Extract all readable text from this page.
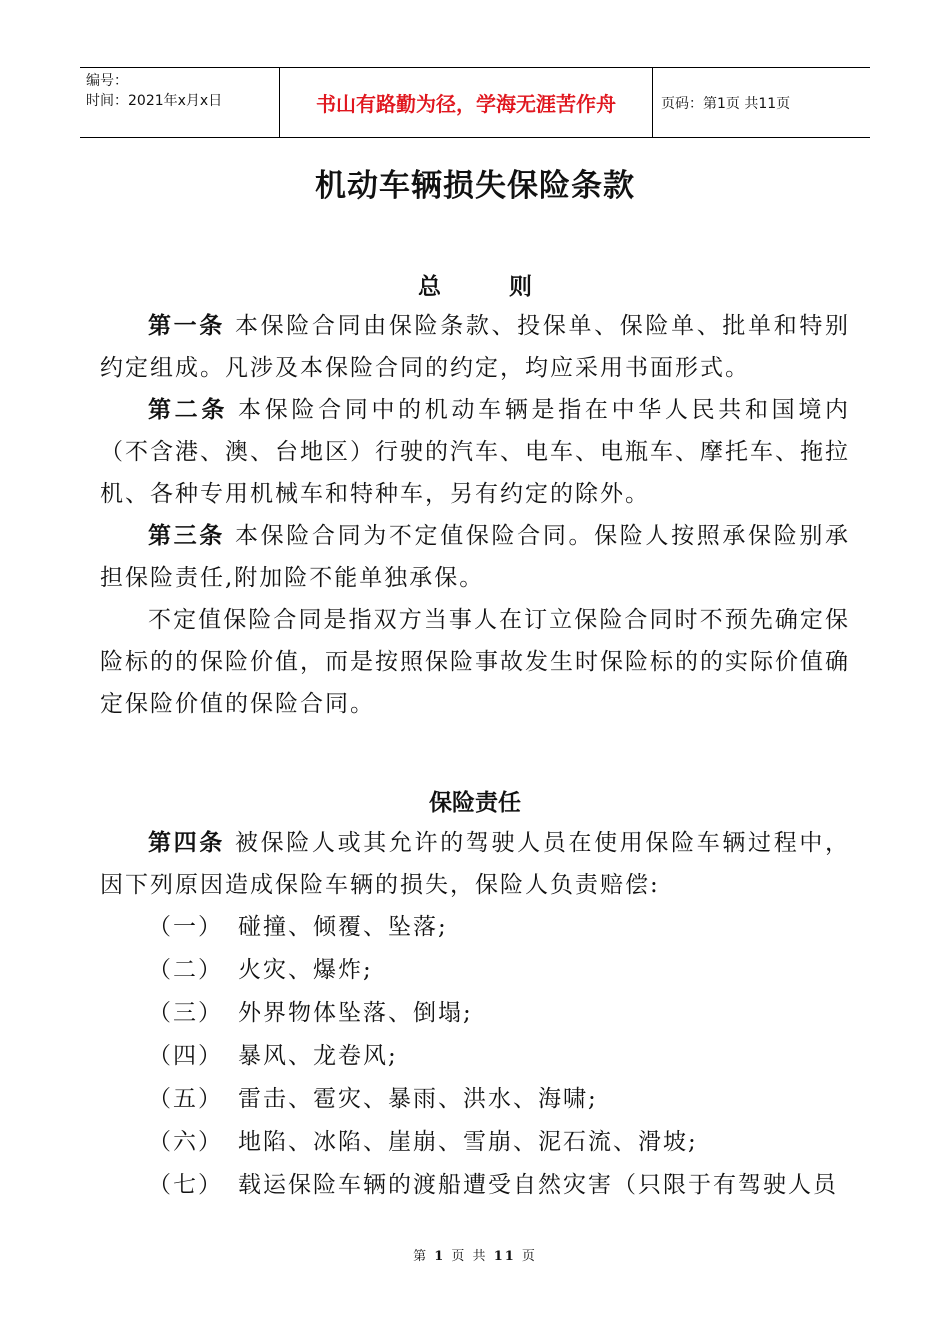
编号：
时间：2021年x月x日	书山有路勤为径，学海无涯苦作舟	页码：第1页 共11页
机动车辆损失保险条款
总 则

第一条 本保险合同由保险条款、投保单、保险单、批单和特别约定组成。凡涉及本保险合同的约定，均应采用书面形式。

第二条 本保险合同中的机动车辆是指在中华人民共和国境内（不含港、澳、台地区）行驶的汽车、电车、电瓶车、摩托车、拖拉机、各种专用机械车和特种车，另有约定的除外。

第三条 本保险合同为不定值保险合同。保险人按照承保险别承担保险责任,附加险不能单独承保。

不定值保险合同是指双方当事人在订立保险合同时不预先确定保险标的的保险价值，而是按照保险事故发生时保险标的的实际价值确定保险价值的保险合同。

保险责任

第四条 被保险人或其允许的驾驶人员在使用保险车辆过程中，因下列原因造成保险车辆的损失，保险人负责赔偿:

（一） 碰撞、倾覆、坠落;

（二） 火灾、爆炸;

（三） 外界物体坠落、倒塌;

（四） 暴风、龙卷风;

（五） 雷击、雹灾、暴雨、洪水、海啸;

（六） 地陷、冰陷、崖崩、雪崩、泥石流、滑坡;

（七） 载运保险车辆的渡船遭受自然灾害（只限于有驾驶人员

第 1 页 共 11 页
